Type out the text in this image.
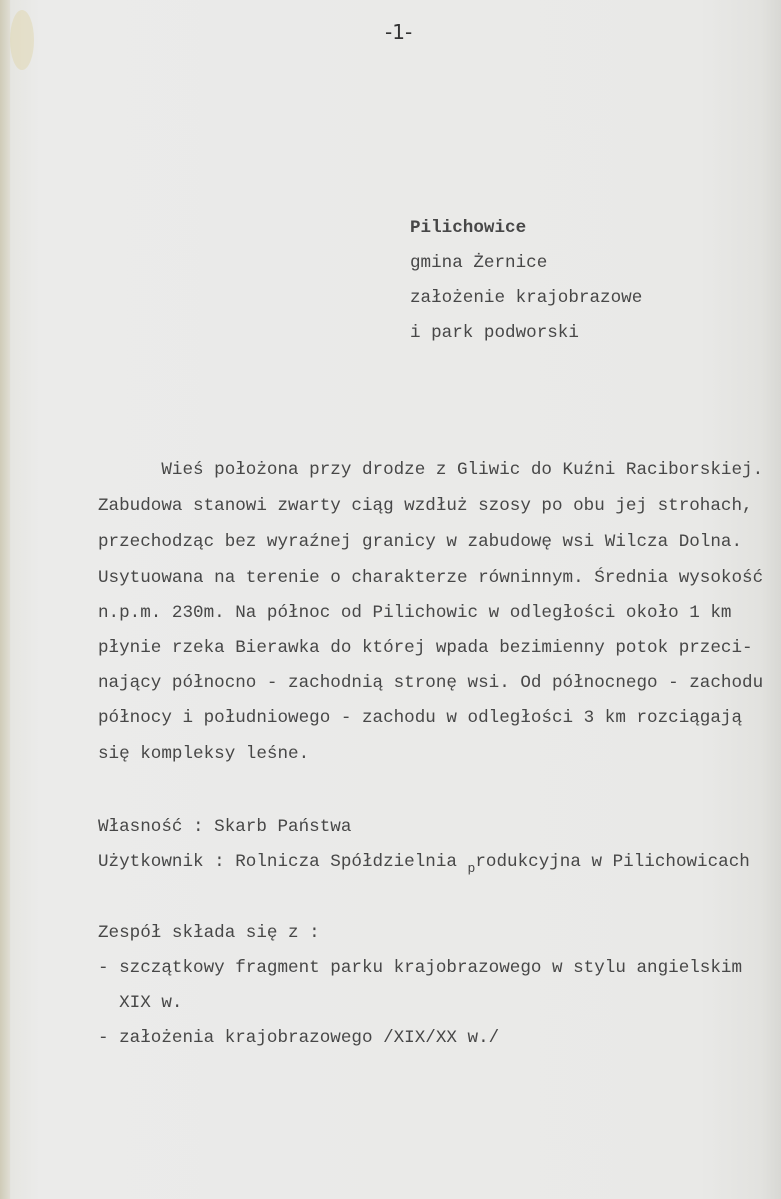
-1-
Pilichowice
gmina Żernice
założenie krajobrazowe
i park podworski
Wieś położona przy drodze z Gliwic do Kuźni Raciborskiej.
Zabudowa stanowi zwarty ciąg wzdłuż szosy po obu jej strohach,
przechodząc bez wyraźnej granicy w zabudowę wsi Wilcza Dolna.
Usytuowana na terenie o charakterze równinnym. Średnia wysokość
n.p.m. 230m. Na północ od Pilichowic w odległości około 1 km
płynie rzeka Bierawka do której wpada bezimienny potok przeci-
nający północno - zachodnią stronę wsi. Od północnego - zachodu
północy i południowego - zachodu w odległości 3 km rozciągają
się kompleksy leśne.
Własność : Skarb Państwa
Użytkownik : Rolnicza Spółdzielnia $_p$rodukcyjna w Pilichowicach
Zespół składa się z :
- szczątkowy fragment parku krajobrazowego w stylu angielskim
XIX w.
- założenia krajobrazowego /XIX/XX w./
